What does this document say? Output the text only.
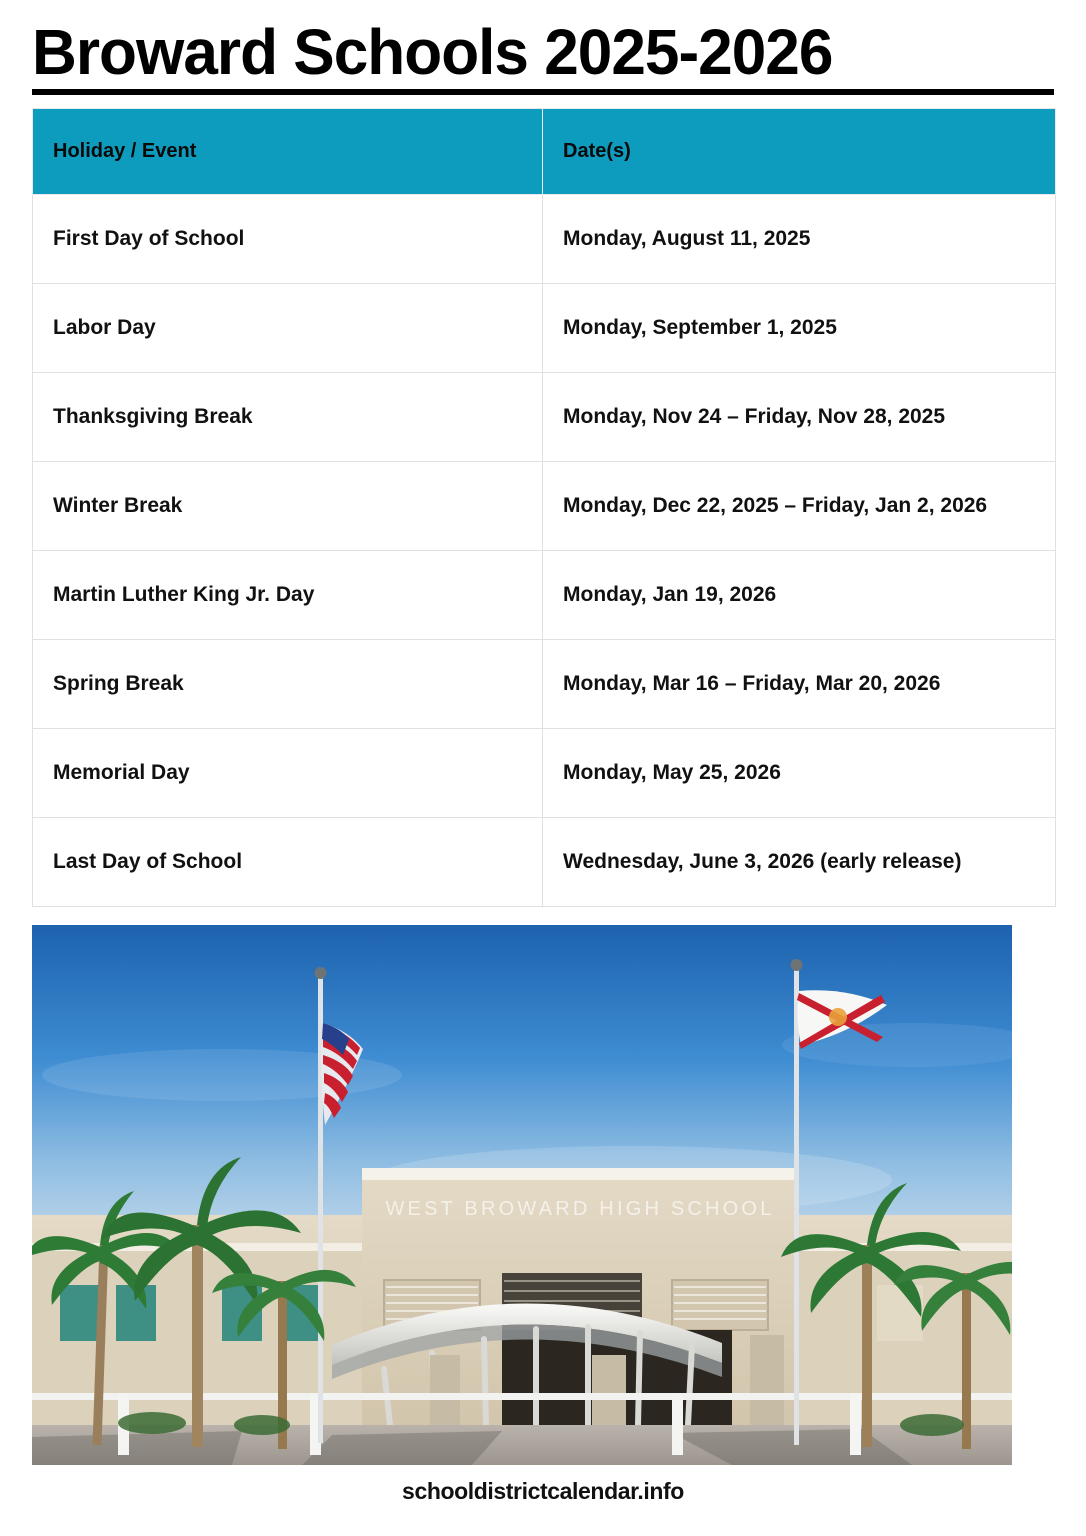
Broward Schools 2025-2026
Holiday / Event	Date(s)
First Day of School	Monday, August 11, 2025
Labor Day	Monday, September 1, 2025
Thanksgiving Break	Monday, Nov 24 – Friday, Nov 28, 2025
Winter Break	Monday, Dec 22, 2025 – Friday, Jan 2, 2026
Martin Luther King Jr. Day	Monday, Jan 19, 2026
Spring Break	Monday, Mar 16 – Friday, Mar 20, 2026
Memorial Day	Monday, May 25, 2026
Last Day of School	Wednesday, June 3, 2026 (early release)
WEST BROWARD HIGH SCHOOL
schooldistrictcalendar.info
